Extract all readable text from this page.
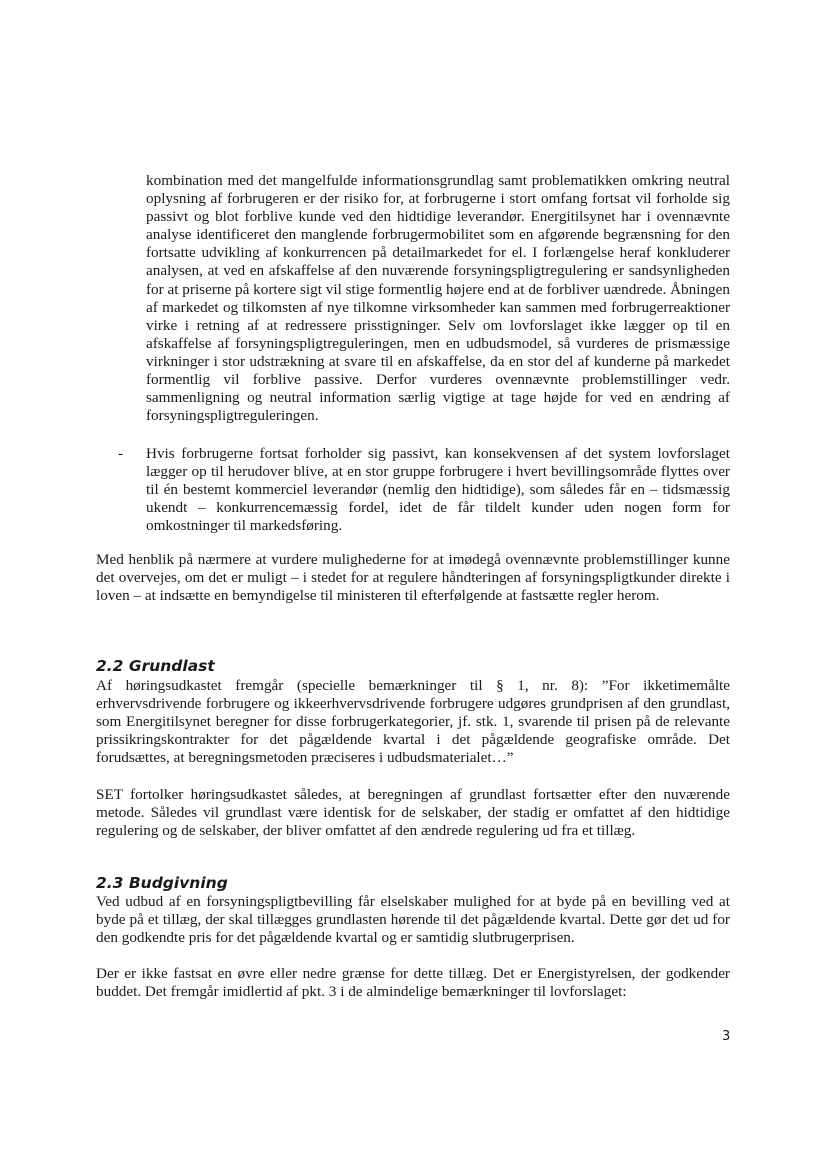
kombination med det mangelfulde informationsgrundlag samt problematikken omkring neutral oplysning af forbrugeren er der risiko for, at forbrugerne i stort omfang fortsat vil forholde sig passivt og blot forblive kunde ved den hidtidige leverandør. Energitilsynet har i ovennævnte analyse identificeret den manglende forbrugermobilitet som en afgørende begrænsning for den fortsatte udvikling af konkurrencen på detailmarkedet for el. I forlængelse heraf konkluderer analysen, at ved en afskaffelse af den nuværende forsyningspligtregulering er sandsynligheden for at priserne på kortere sigt vil stige formentlig højere end at de forbliver uændrede. Åbningen af markedet og tilkomsten af nye tilkomne virksomheder kan sammen med forbrugerreaktioner virke i retning af at redressere prisstigninger. Selv om lovforslaget ikke lægger op til en afskaffelse af forsyningspligtreguleringen, men en udbudsmodel, så vurderes de prismæssige virkninger i stor udstrækning at svare til en afskaffelse, da en stor del af kunderne på markedet formentlig vil forblive passive. Derfor vurderes ovennævnte problemstillinger vedr. sammenligning og neutral information særlig vigtige at tage højde for ved en ændring af forsyningspligtreguleringen.

- Hvis forbrugerne fortsat forholder sig passivt, kan konsekvensen af det system lovforslaget lægger op til herudover blive, at en stor gruppe forbrugere i hvert bevillingsområde flyttes over til én bestemt kommerciel leverandør (nemlig den hidtidige), som således får en – tidsmæssig ukendt – konkurrencemæssig fordel, idet de får tildelt kunder uden nogen form for omkostninger til markedsføring.

Med henblik på nærmere at vurdere mulighederne for at imødegå ovennævnte problemstillinger kunne det overvejes, om det er muligt – i stedet for at regulere håndteringen af forsyningspligtkunder direkte i loven – at indsætte en bemyndigelse til ministeren til efterfølgende at fastsætte regler herom.

2.2 Grundlast

Af høringsudkastet fremgår (specielle bemærkninger til § 1, nr. 8): ”For ikketimemålte erhvervsdrivende forbrugere og ikkeerhvervsdrivende forbrugere udgøres grundprisen af den grundlast, som Energitilsynet beregner for disse forbrugerkategorier, jf. stk. 1, svarende til prisen på de relevante prissikringskontrakter for det pågældende kvartal i det pågældende geografiske område. Det forudsættes, at beregningsmetoden præciseres i udbudsmaterialet…”

SET fortolker høringsudkastet således, at beregningen af grundlast fortsætter efter den nuværende metode. Således vil grundlast være identisk for de selskaber, der stadig er omfattet af den hidtidige regulering og de selskaber, der bliver omfattet af den ændrede regulering ud fra et tillæg.

2.3 Budgivning

Ved udbud af en forsyningspligtbevilling får elselskaber mulighed for at byde på en bevilling ved at byde på et tillæg, der skal tillægges grundlasten hørende til det pågældende kvartal. Dette gør det ud for den godkendte pris for det pågældende kvartal og er samtidig slutbrugerprisen.

Der er ikke fastsat en øvre eller nedre grænse for dette tillæg. Det er Energistyrelsen, der godkender buddet. Det fremgår imidlertid af pkt. 3 i de almindelige bemærkninger til lovforslaget:

3
